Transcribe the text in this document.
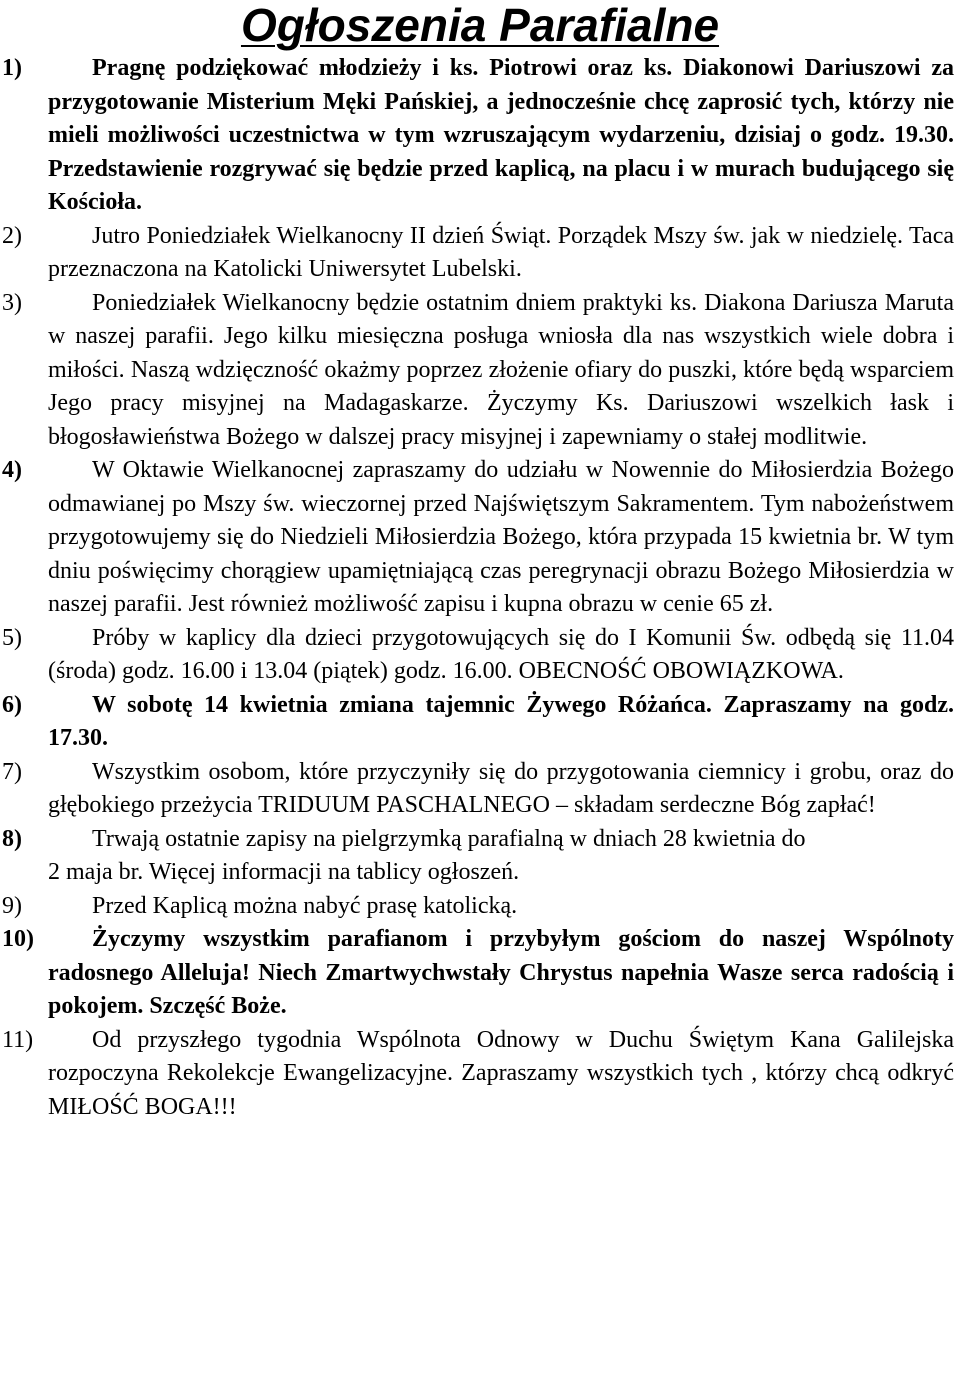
Ogłoszenia Parafialne
1)	Pragnę podziękować młodzieży i ks. Piotrowi oraz ks. Diakonowi Dariuszowi za przygotowanie Misterium Męki Pańskiej, a jednocześnie chcę zaprosić tych, którzy nie mieli możliwości uczestnictwa w tym wzruszającym wydarzeniu, dzisiaj o godz. 19.30. Przedstawienie rozgrywać się będzie przed kaplicą, na placu i w murach budującego się Kościoła.
2)	Jutro Poniedziałek Wielkanocny II dzień Świąt. Porządek Mszy św. jak w niedzielę. Taca przeznaczona na Katolicki Uniwersytet Lubelski.
3)	Poniedziałek Wielkanocny będzie ostatnim dniem praktyki ks. Diakona Dariusza Maruta w naszej parafii. Jego kilku miesięczna posługa wniosła dla nas wszystkich wiele dobra i miłości. Naszą wdzięczność okażmy poprzez złożenie ofiary do puszki, które będą wsparciem Jego pracy misyjnej na Madagaskarze. Życzymy Ks. Dariuszowi wszelkich łask i błogosławieństwa Bożego w dalszej pracy misyjnej i zapewniamy o stałej modlitwie.
4)	W Oktawie Wielkanocnej zapraszamy do udziału w Nowennie do Miłosierdzia Bożego odmawianej po Mszy św. wieczornej przed Najświętszym Sakramentem. Tym nabożeństwem przygotowujemy się do Niedzieli Miłosierdzia Bożego, która przypada 15 kwietnia br. W tym dniu poświęcimy chorągiew upamiętniającą czas peregrynacji obrazu Bożego Miłosierdzia w naszej parafii. Jest również możliwość zapisu i kupna obrazu w cenie 65 zł.
5)	Próby w kaplicy dla dzieci przygotowujących się do I Komunii Św. odbędą się 11.04 (środa) godz. 16.00 i 13.04 (piątek) godz. 16.00. OBECNOŚĆ OBOWIĄZKOWA.
6)	W sobotę 14 kwietnia zmiana tajemnic Żywego Różańca. Zapraszamy na godz. 17.30.
7)	Wszystkim osobom, które przyczyniły się do przygotowania ciemnicy i grobu, oraz do głębokiego przeżycia TRIDUUM PASCHALNEGO – składam serdeczne Bóg zapłać!
8)	Trwają ostatnie zapisy na pielgrzymką parafialną w dniach 28 kwietnia do
2 maja br. Więcej informacji na tablicy ogłoszeń.
9)	Przed Kaplicą można nabyć prasę katolicką.
10)	Życzymy wszystkim parafianom i przybyłym gościom do naszej Wspólnoty radosnego Alleluja! Niech Zmartwychwstały Chrystus napełnia Wasze serca radością i pokojem. Szczęść Boże.
11)	Od przyszłego tygodnia Wspólnota Odnowy w Duchu Świętym Kana Galilejska rozpoczyna Rekolekcje Ewangelizacyjne. Zapraszamy wszystkich tych , którzy chcą odkryć MIŁOŚĆ BOGA!!!
